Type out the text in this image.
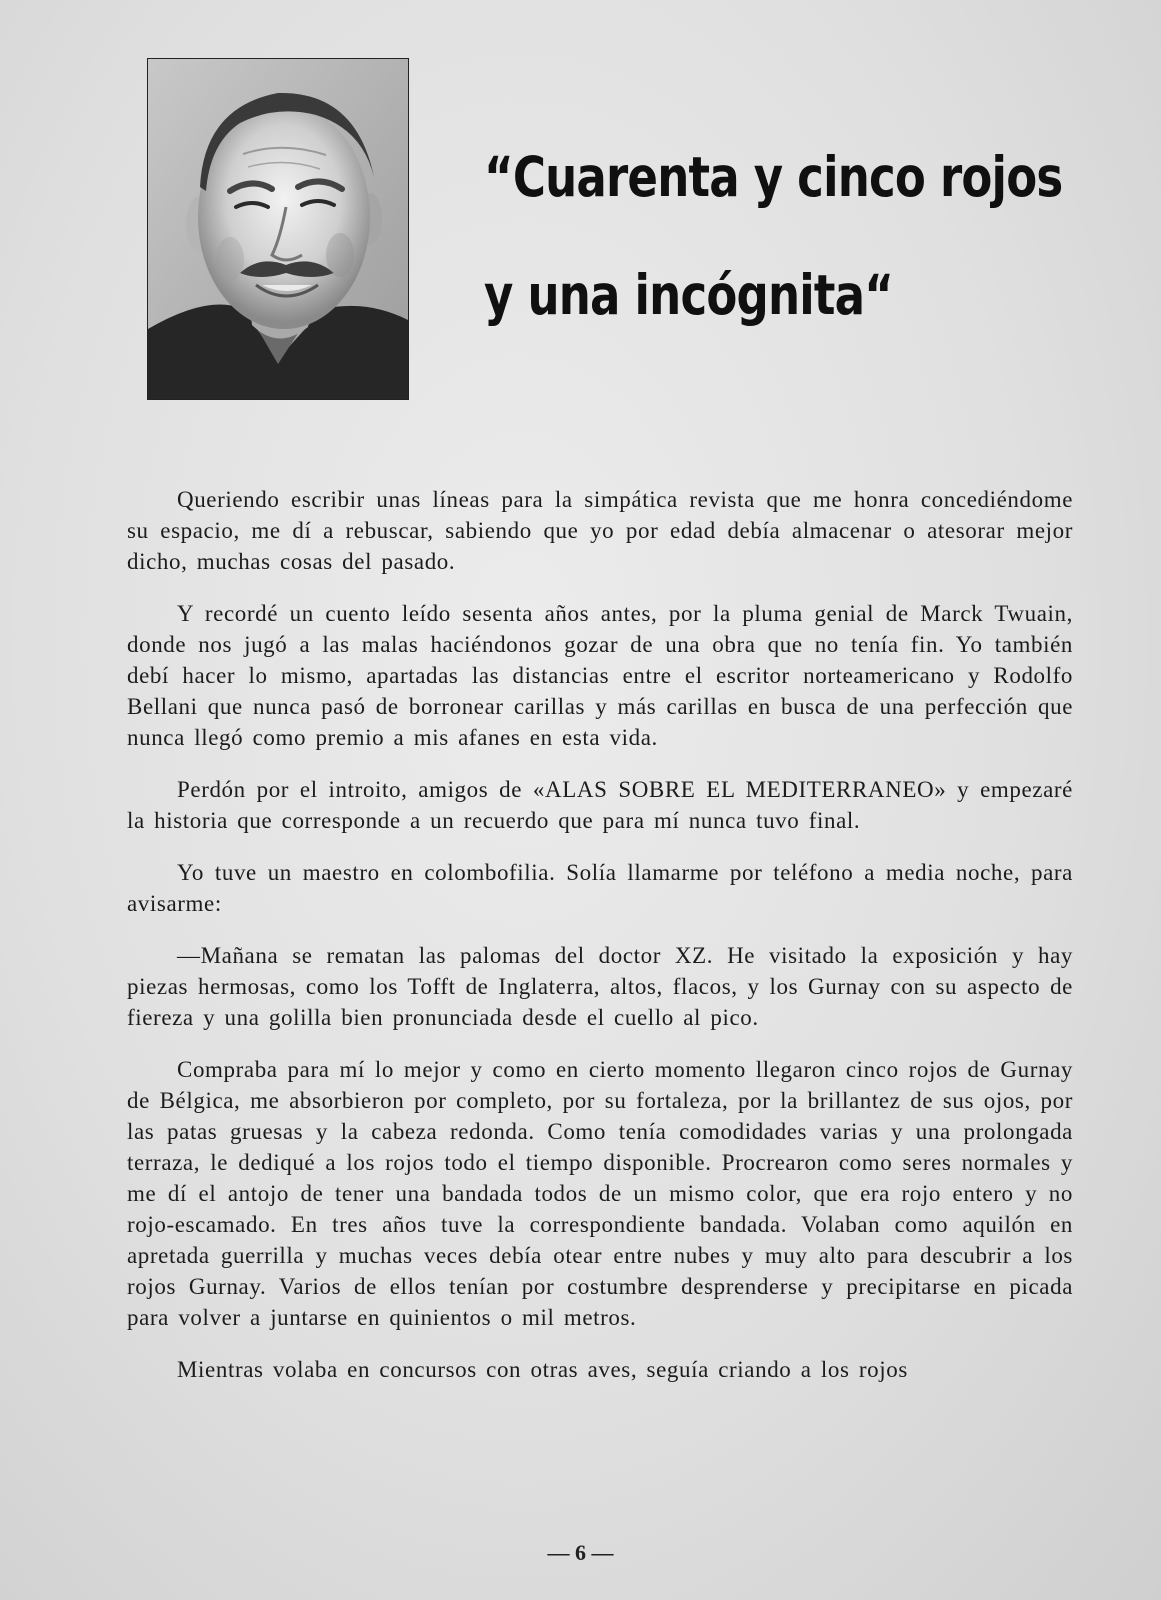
“Cuarenta y cinco rojos
y una incógnita“

Queriendo escribir unas líneas para la simpática revista que me honra concediéndome su espacio, me dí a rebuscar, sabiendo que yo por edad debía almacenar o atesorar mejor dicho, muchas cosas del pasado.

Y recordé un cuento leído sesenta años antes, por la pluma genial de Marck Twuain, donde nos jugó a las malas haciéndonos gozar de una obra que no tenía fin. Yo también debí hacer lo mismo, apartadas las distancias entre el escritor norteamericano y Rodolfo Bellani que nunca pasó de borronear carillas y más carillas en busca de una perfección que nunca llegó como premio a mis afanes en esta vida.

Perdón por el introito, amigos de «ALAS SOBRE EL MEDITERRANEO» y empezaré la historia que corresponde a un recuerdo que para mí nunca tuvo final.

Yo tuve un maestro en colombofilia. Solía llamarme por teléfono a media noche, para avisarme:

—Mañana se rematan las palomas del doctor XZ. He visitado la exposición y hay piezas hermosas, como los Tofft de Inglaterra, altos, flacos, y los Gurnay con su aspecto de fiereza y una golilla bien pronunciada desde el cuello al pico.

Compraba para mí lo mejor y como en cierto momento llegaron cinco rojos de Gurnay de Bélgica, me absorbieron por completo, por su fortaleza, por la brillantez de sus ojos, por las patas gruesas y la cabeza redonda. Como tenía comodidades varias y una prolongada terraza, le dediqué a los rojos todo el tiempo disponible. Procrearon como seres normales y me dí el antojo de tener una bandada todos de un mismo color, que era rojo entero y no rojo-escamado. En tres años tuve la correspondiente bandada. Volaban como aquilón en apretada guerrilla y muchas veces debía otear entre nubes y muy alto para descubrir a los rojos Gurnay. Varios de ellos tenían por costumbre desprenderse y precipitarse en picada para volver a juntarse en quinientos o mil metros.

Mientras volaba en concursos con otras aves, seguía criando a los rojos

— 6 —
